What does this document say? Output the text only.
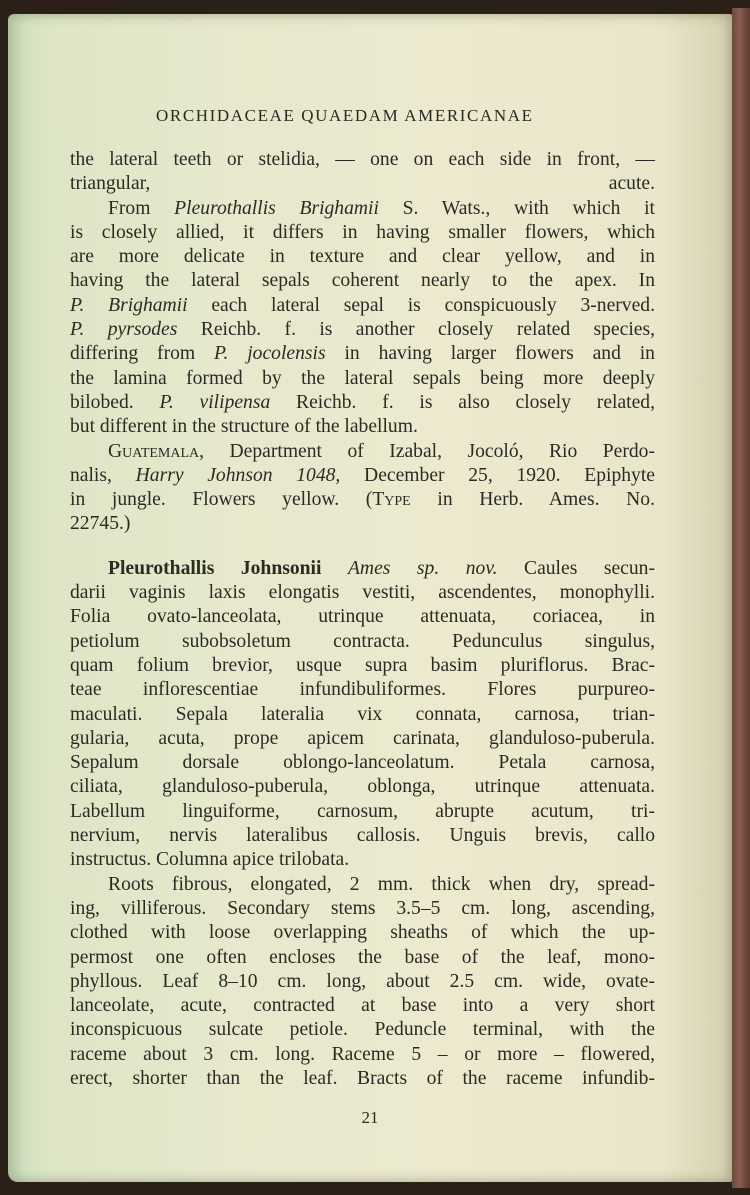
ORCHIDACEAE QUAEDAM AMERICANAE
the lateral teeth or stelidia, — one on each side in front, —
triangular, acute.
From Pleurothallis Brighamii S. Wats., with which it
is closely allied, it differs in having smaller flowers, which
are more delicate in texture and clear yellow, and in
having the lateral sepals coherent nearly to the apex. In
P. Brighamii each lateral sepal is conspicuously 3-nerved.
P. pyrsodes Reichb. f. is another closely related species,
differing from P. jocolensis in having larger flowers and in
the lamina formed by the lateral sepals being more deeply
bilobed. P. vilipensa Reichb. f. is also closely related,
but different in the structure of the labellum.
Guatemala, Department of Izabal, Jocoló, Rio Perdo-
nalis, Harry Johnson 1048, December 25, 1920. Epiphyte
in jungle. Flowers yellow. (Type in Herb. Ames. No.
22745.)
Pleurothallis Johnsonii Ames sp. nov. Caules secun-
darii vaginis laxis elongatis vestiti, ascendentes, monophylli.
Folia ovato-lanceolata, utrinque attenuata, coriacea, in
petiolum subobsoletum contracta. Pedunculus singulus,
quam folium brevior, usque supra basim pluriflorus. Brac-
teae inflorescentiae infundibuliformes. Flores purpureo-
maculati. Sepala lateralia vix connata, carnosa, trian-
gularia, acuta, prope apicem carinata, glanduloso-puberula.
Sepalum dorsale oblongo-lanceolatum. Petala carnosa,
ciliata, glanduloso-puberula, oblonga, utrinque attenuata.
Labellum linguiforme, carnosum, abrupte acutum, tri-
nervium, nervis lateralibus callosis. Unguis brevis, callo
instructus. Columna apice trilobata.
Roots fibrous, elongated, 2 mm. thick when dry, spread-
ing, villiferous. Secondary stems 3.5–5 cm. long, ascending,
clothed with loose overlapping sheaths of which the up-
permost one often encloses the base of the leaf, mono-
phyllous. Leaf 8–10 cm. long, about 2.5 cm. wide, ovate-
lanceolate, acute, contracted at base into a very short
inconspicuous sulcate petiole. Peduncle terminal, with the
raceme about 3 cm. long. Raceme 5 – or more – flowered,
erect, shorter than the leaf. Bracts of the raceme infundib-
21
